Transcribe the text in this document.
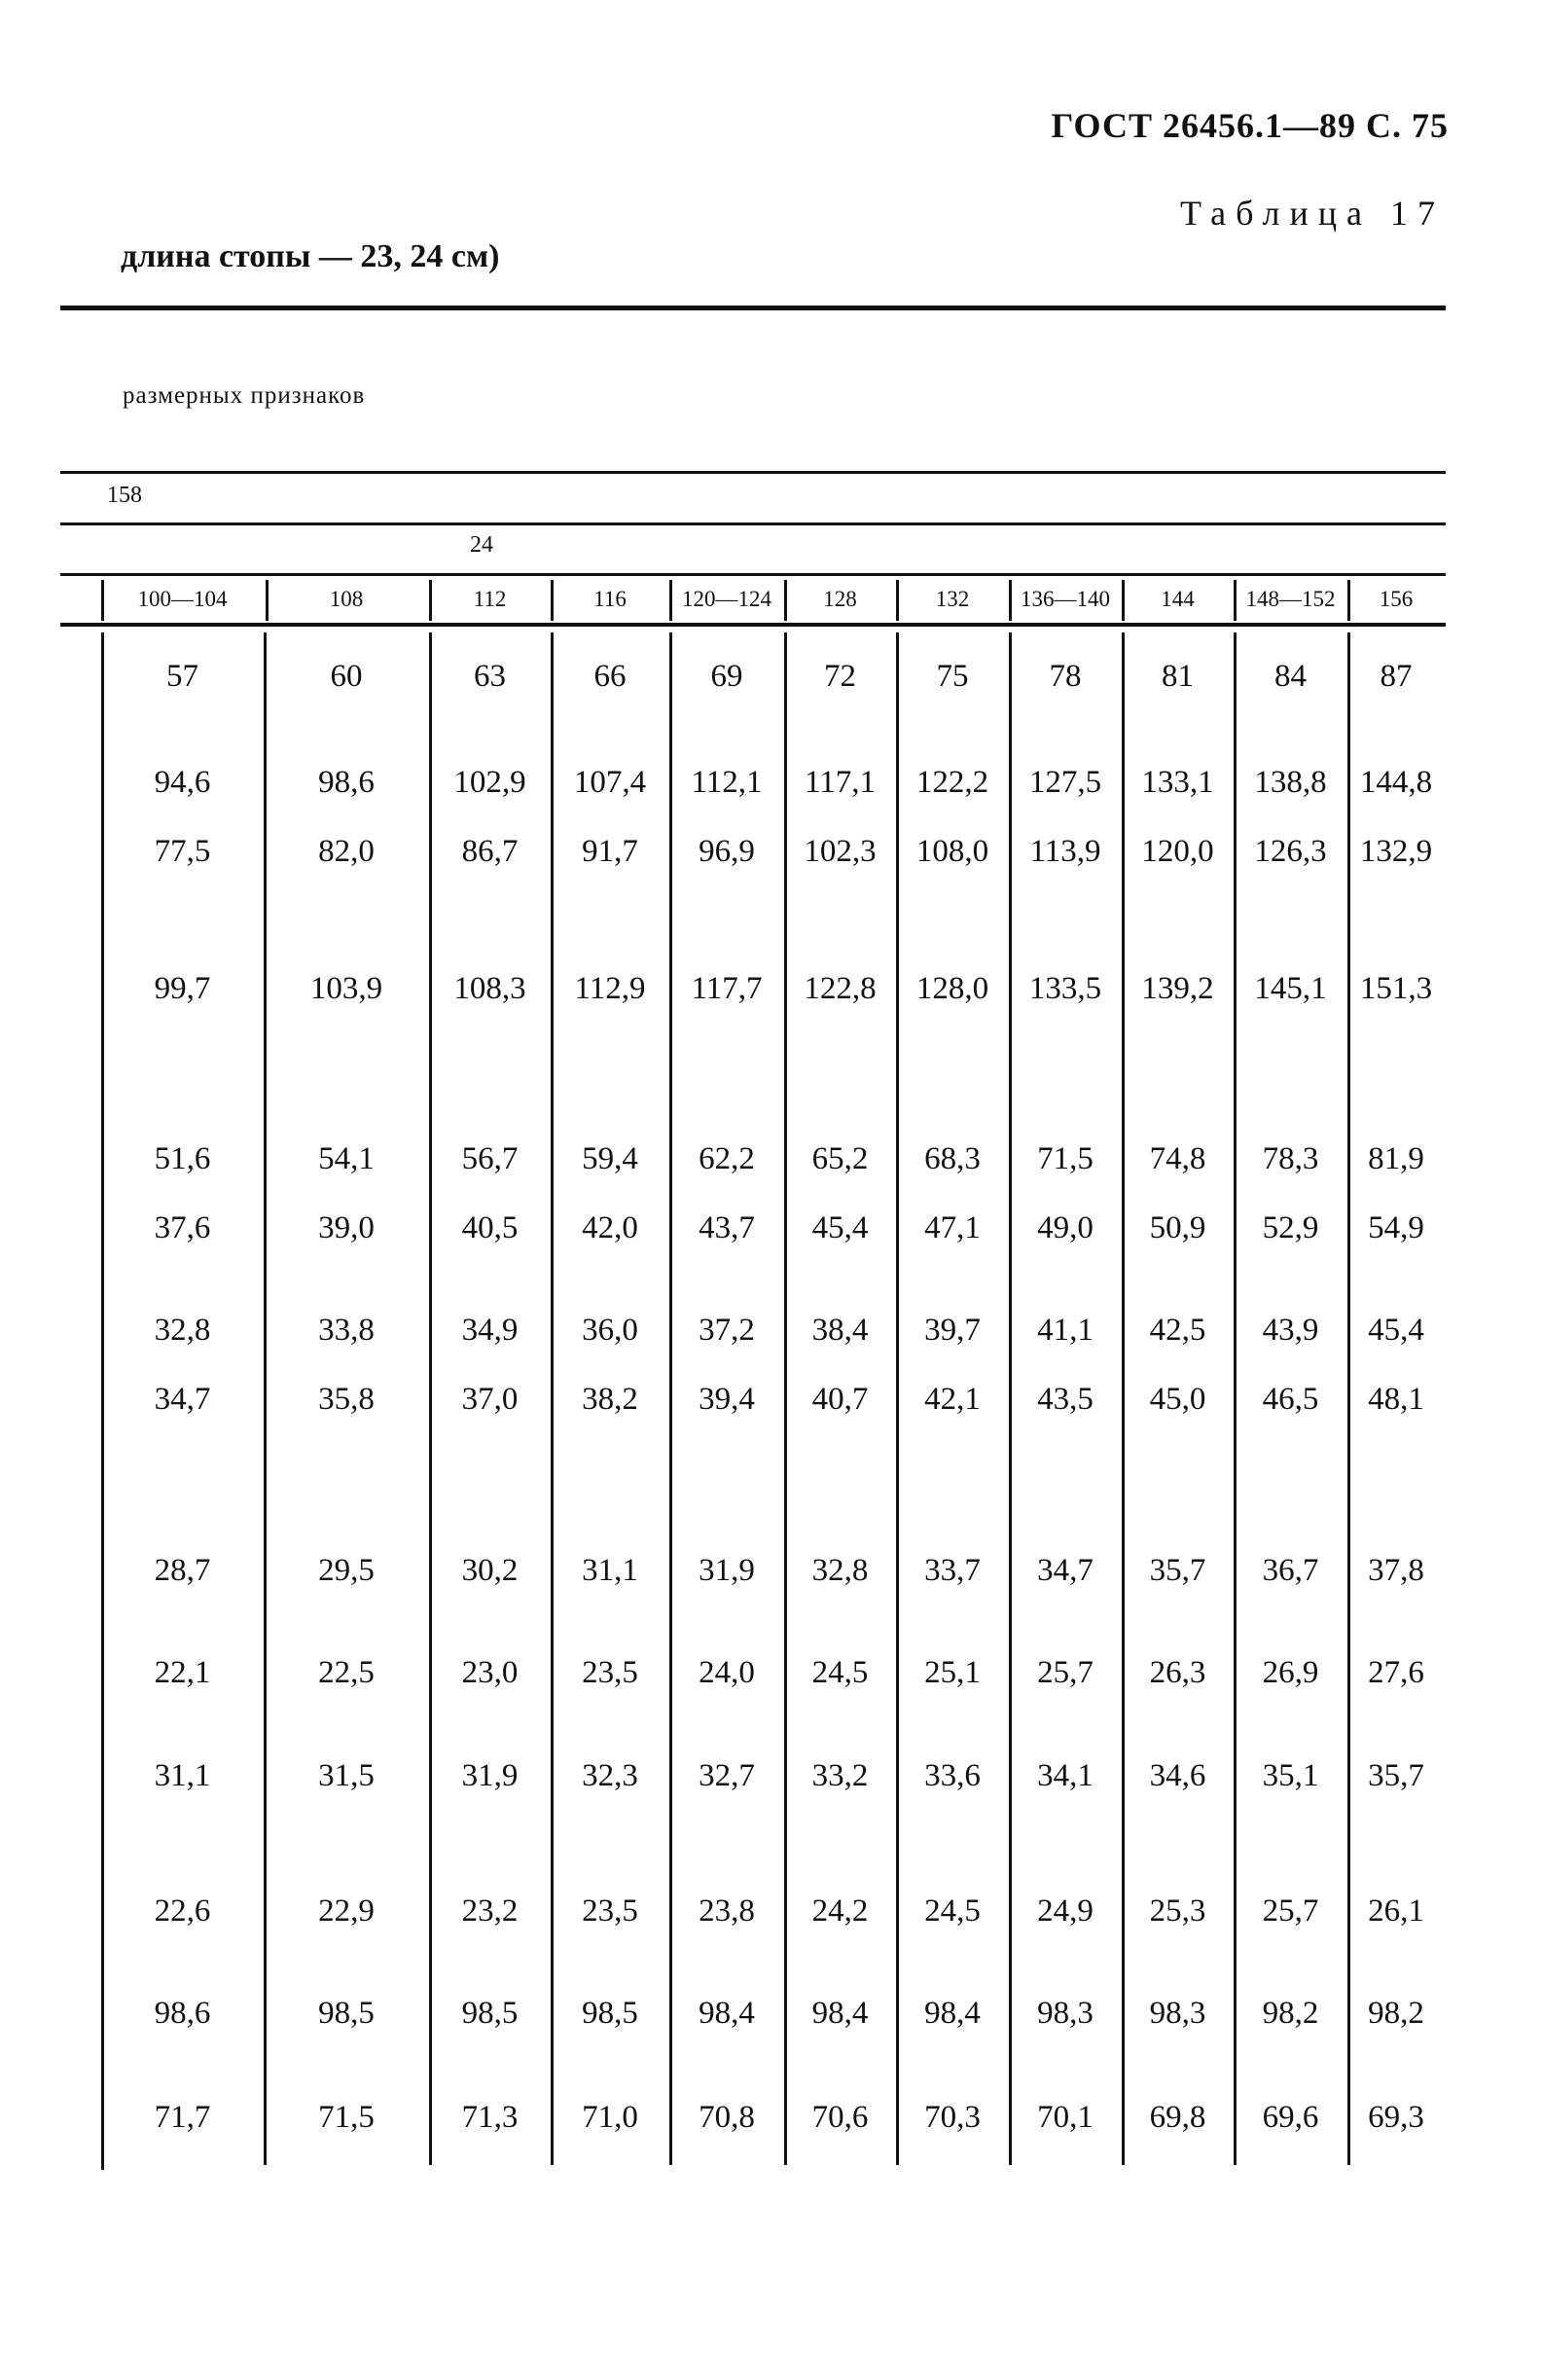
ГОСТ 26456.1—89 С. 75
Таблица 17
длина стопы — 23, 24 см)
размерных признаков
158
24
100—104	108	112	116	120—124	128	132	136—140	144	148—152	156
57	60	63	66	69	72	75	78	81	84	87
94,6	98,6	102,9	107,4	112,1	117,1	122,2	127,5	133,1	138,8	144,8
77,5	82,0	86,7	91,7	96,9	102,3	108,0	113,9	120,0	126,3	132,9
99,7	103,9	108,3	112,9	117,7	122,8	128,0	133,5	139,2	145,1	151,3
51,6	54,1	56,7	59,4	62,2	65,2	68,3	71,5	74,8	78,3	81,9
37,6	39,0	40,5	42,0	43,7	45,4	47,1	49,0	50,9	52,9	54,9
32,8	33,8	34,9	36,0	37,2	38,4	39,7	41,1	42,5	43,9	45,4
34,7	35,8	37,0	38,2	39,4	40,7	42,1	43,5	45,0	46,5	48,1
28,7	29,5	30,2	31,1	31,9	32,8	33,7	34,7	35,7	36,7	37,8
22,1	22,5	23,0	23,5	24,0	24,5	25,1	25,7	26,3	26,9	27,6
31,1	31,5	31,9	32,3	32,7	33,2	33,6	34,1	34,6	35,1	35,7
22,6	22,9	23,2	23,5	23,8	24,2	24,5	24,9	25,3	25,7	26,1
98,6	98,5	98,5	98,5	98,4	98,4	98,4	98,3	98,3	98,2	98,2
71,7	71,5	71,3	71,0	70,8	70,6	70,3	70,1	69,8	69,6	69,3
